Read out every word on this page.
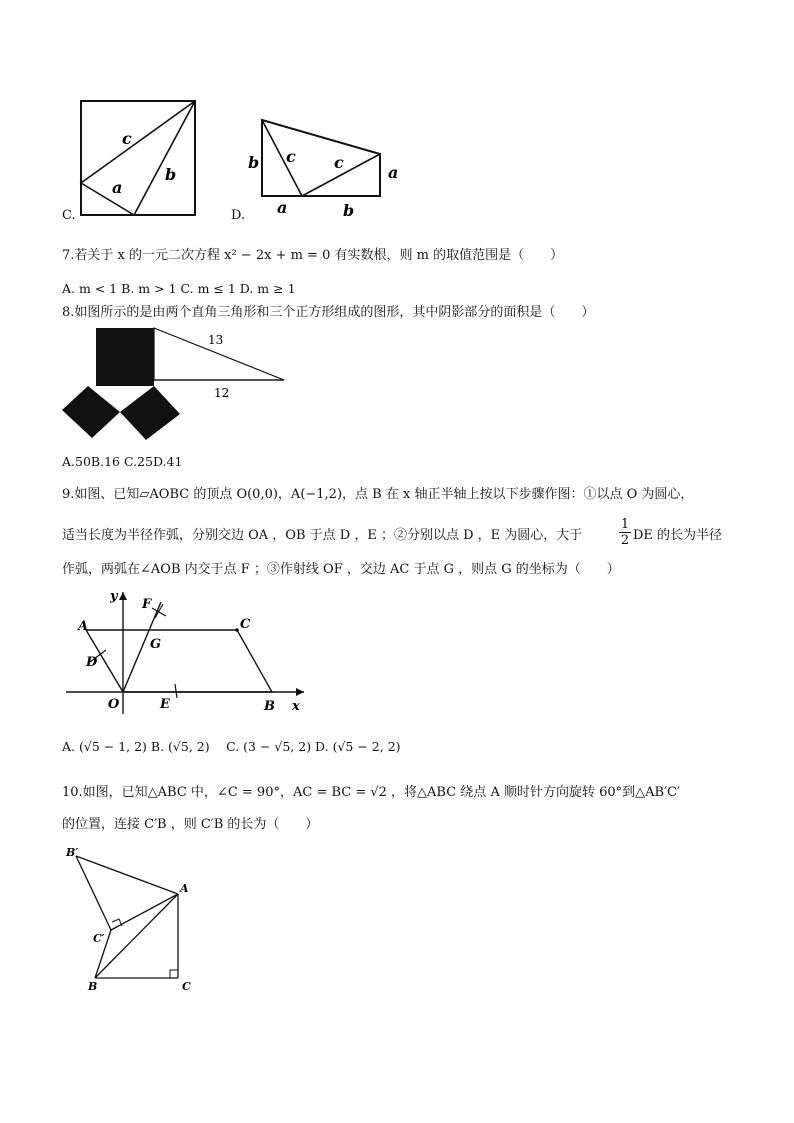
C.
c
a
b
D.
b c c
a
a	b
7.若关于 x 的一元二次方程 x² − 2x + m = 0 有实数根，则 m 的取值范围是（　　）
A. m < 1 B. m > 1 C. m ≤ 1 D. m ≥ 1
8.如图所示的是由两个直角三角形和三个正方形组成的图形，其中阴影部分的面积是（　　）
13
12
A.50B.16 C.25D.41
9.如图、已知▱AOBC 的顶点 O(0,0)，A(−1,2)，点 B 在 x 轴正半轴上按以下步骤作图：①以点 O 为圆心，
适当长度为半径作弧，分别交边 OA ，OB 于点 D ，E ；②分别以点 D ，E 为圆心，大于	$\frac{1}{2}$ DE 的长为半径
作弧，两弧在∠AOB 内交于点 F ；③作射线 OF ，交边 AC 于点 G ，则点 G 的坐标为（　　）
y
F
A	C
G
D
O	E	B x
A. (√5 − 1, 2) B. (√5, 2)　 C. (3 − √5, 2) D. (√5 − 2, 2)
10.如图，已知△ABC 中，∠C = 90°，AC = BC = √2 ，将△ABC 绕点 A 顺时针方向旋转 60°到△AB′C′
的位置，连接 C′B ，则 C′B 的长为（　　）
B′
A
C′
B	C
